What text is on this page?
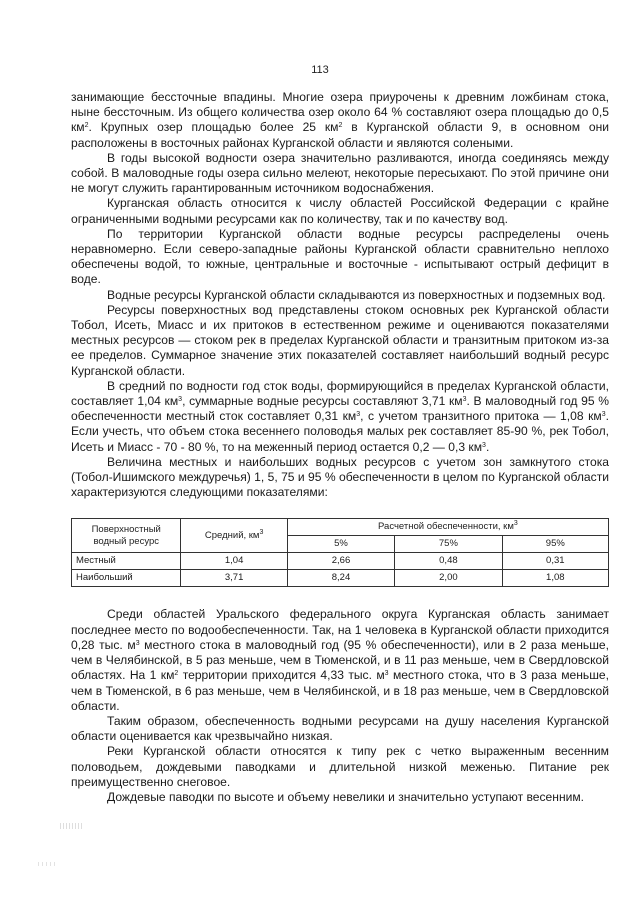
113

занимающие бессточные впадины. Многие озера приурочены к древним ложбинам стока, ныне бессточным. Из общего количества озер около 64 % составляют озера площадью до 0,5 $км^2$. Крупных озер площадью более 25 $км^2$ в Курганской области 9, в основном они расположены в восточных районах Курганской области и являются солеными.

В годы высокой водности озера значительно разливаются, иногда соединяясь между собой. В маловодные годы озера сильно мелеют, некоторые пересыхают. По этой причине они не могут служить гарантированным источником водоснабжения.

Курганская область относится к числу областей Российской Федерации с крайне ограниченными водными ресурсами как по количеству, так и по качеству вод.

По территории Курганской области водные ресурсы распределены очень неравномерно. Если северо-западные районы Курганской области сравнительно неплохо обеспечены водой, то южные, центральные и восточные - испытывают острый дефицит в воде.

Водные ресурсы Курганской области складываются из поверхностных и подземных вод.

Ресурсы поверхностных вод представлены стоком основных рек Курганской области Тобол, Исеть, Миасс и их притоков в естественном режиме и оцениваются показателями местных ресурсов — стоком рек в пределах Курганской области и транзитным притоком из-за ее пределов. Суммарное значение этих показателей составляет наибольший водный ресурс Курганской области.

В средний по водности год сток воды, формирующийся в пределах Курганской области, составляет 1,04 $км^3$, суммарные водные ресурсы составляют 3,71 $км^3$. В маловодный год 95 % обеспеченности местный сток составляет 0,31 $км^3$, с учетом транзитного притока — 1,08 $км^3$. Если учесть, что объем стока весеннего половодья малых рек составляет 85-90 %, рек Тобол, Исеть и Миасс - 70 - 80 %, то на меженный период остается 0,2 — 0,3 $км^3$.

Величина местных и наибольших водных ресурсов с учетом зон замкнутого стока (Тобол-Ишимского междуречья) 1, 5, 75 и 95 % обеспеченности в целом по Курганской области характеризуются следующими показателями:

Поверхностный водный ресурс	Средний, $км^3$	Расчетной обеспеченности, $км^3$
		5%	75%	95%
Местный	1,04	2,66	0,48	0,31
Наибольший	3,71	8,24	2,00	1,08

Среди областей Уральского федерального округа Курганская область занимает последнее место по водообеспеченности. Так, на 1 человека в Курганской области приходится 0,28 тыс. $м^3$ местного стока в маловодный год (95 % обеспеченности), или в 2 раза меньше, чем в Челябинской, в 5 раз меньше, чем в Тюменской, и в 11 раз меньше, чем в Свердловской областях. На 1 $км^2$ территории приходится 4,33 тыс. $м^3$ местного стока, что в 3 раза меньше, чем в Тюменской, в 6 раз меньше, чем в Челябинской, и в 18 раз меньше, чем в Свердловской области.

Таким образом, обеспеченность водными ресурсами на душу населения Курганской области оценивается как чрезвычайно низкая.

Реки Курганской области относятся к типу рек с четко выраженным весенним половодьем, дождевыми паводками и длительной низкой меженью. Питание рек преимущественно снеговое.

Дождевые паводки по высоте и объему невелики и значительно уступают весенним.
